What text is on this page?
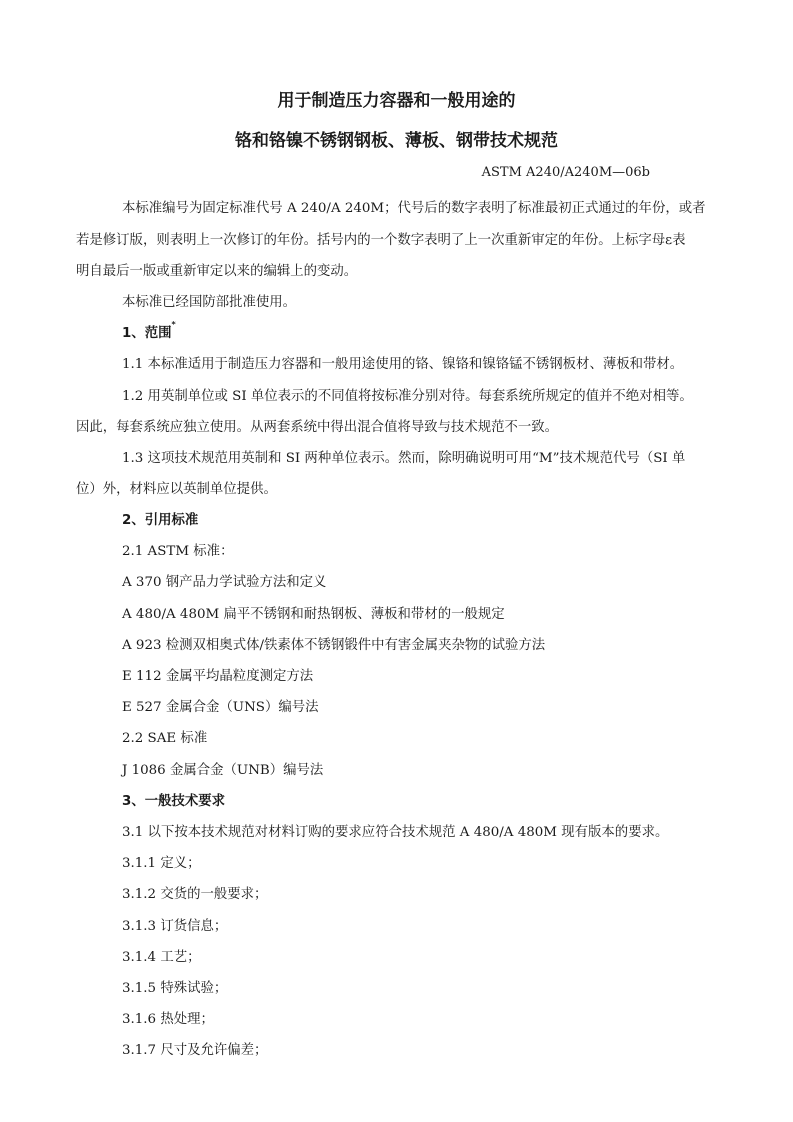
用于制造压力容器和一般用途的
铬和铬镍不锈钢钢板、薄板、钢带技术规范
ASTM A240/A240M—06b
本标准编号为固定标准代号 A 240/A 240M；代号后的数字表明了标准最初正式通过的年份，或者
若是修订版，则表明上一次修订的年份。括号内的一个数字表明了上一次重新审定的年份。上标字母ε表
明自最后一版或重新审定以来的编辑上的变动。
本标准已经国防部批准使用。
1、范围*
1.1 本标准适用于制造压力容器和一般用途使用的铬、镍铬和镍铬锰不锈钢板材、薄板和带材。
1.2 用英制单位或 SI 单位表示的不同值将按标准分别对待。每套系统所规定的值并不绝对相等。
因此，每套系统应独立使用。从两套系统中得出混合值将导致与技术规范不一致。
1.3 这项技术规范用英制和 SI 两种单位表示。然而，除明确说明可用“M”技术规范代号（SI 单
位）外，材料应以英制单位提供。
2、引用标准
2.1 ASTM 标准：
A 370 钢产品力学试验方法和定义
A 480/A 480M 扁平不锈钢和耐热钢板、薄板和带材的一般规定
A 923 检测双相奥式体/铁素体不锈钢锻件中有害金属夹杂物的试验方法
E 112 金属平均晶粒度测定方法
E 527 金属合金（UNS）编号法
2.2 SAE 标准
J 1086 金属合金（UNB）编号法
3、一般技术要求
3.1 以下按本技术规范对材料订购的要求应符合技术规范 A 480/A 480M 现有版本的要求。
3.1.1 定义；
3.1.2 交货的一般要求；
3.1.3 订货信息；
3.1.4 工艺；
3.1.5 特殊试验；
3.1.6 热处理；
3.1.7 尺寸及允许偏差；
